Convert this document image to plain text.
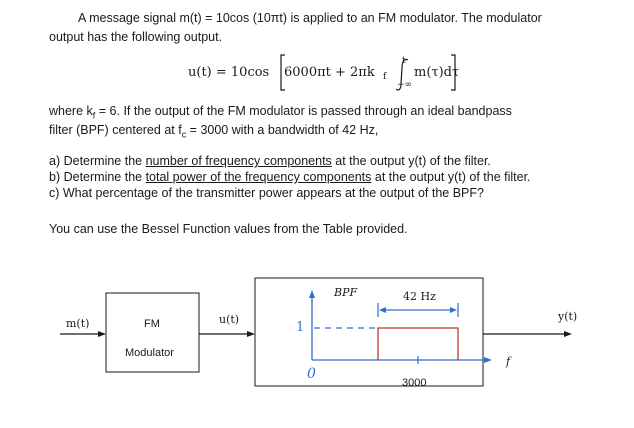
A message signal m(t) = 10cos (10πt) is applied to an FM modulator. The modulator
output has the following output.
u(t) = 10cos 6000πt + 2πk f
t
−∞
m(τ)dτ
where $k_f = 6$. If the output of the FM modulator is passed through an ideal bandpass
filter (BPF) centered at $f_c = 3000$ with a bandwidth of 42 Hz,
a) Determine the number of frequency components at the output y(t) of the filter.
b) Determine the total power of the frequency components at the output y(t) of the filter.
c) What percentage of the transmitter power appears at the output of the BPF?
You can use the Bessel Function values from the Table provided.
m(t)	FM
Modulator
u(t)
BPF	42 Hz
1
0
3000
f
y(t)
